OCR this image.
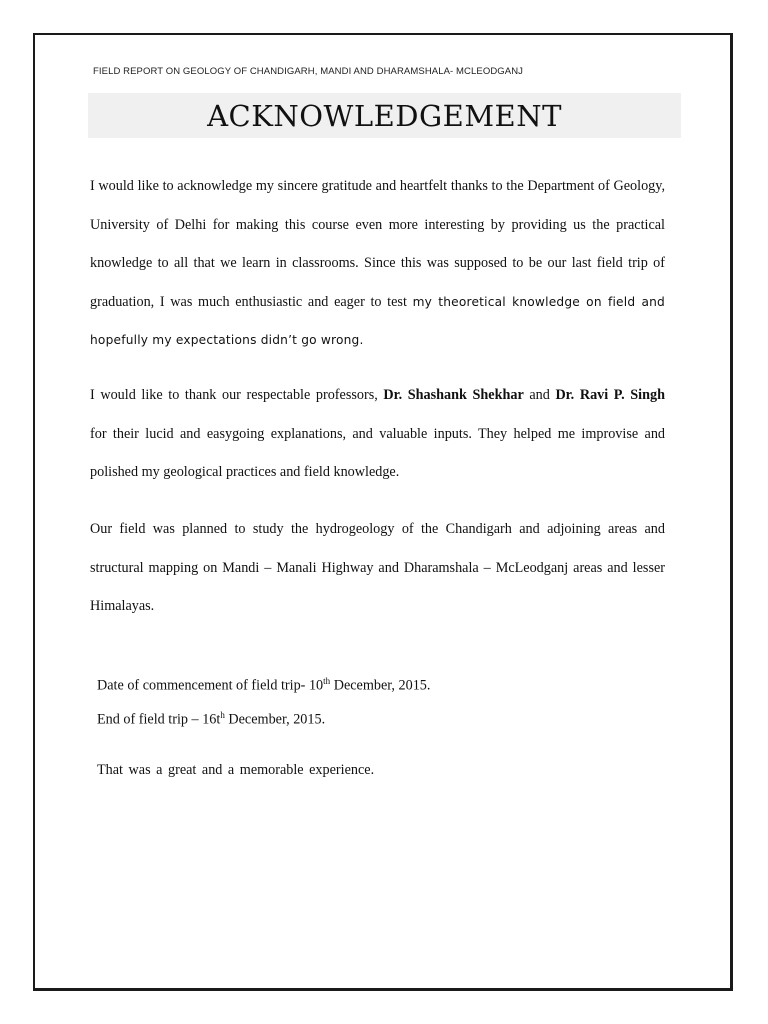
FIELD REPORT ON GEOLOGY OF CHANDIGARH, MANDI AND DHARAMSHALA- MCLEODGANJ
ACKNOWLEDGEMENT

I would like to acknowledge my sincere gratitude and heartfelt thanks to the Department of Geology, University of Delhi for making this course even more interesting by providing us the practical knowledge to all that we learn in classrooms. Since this was supposed to be our last field trip of graduation, I was much enthusiastic and eager to test my theoretical knowledge on field and hopefully my expectations didn’t go wrong.

I would like to thank our respectable professors, Dr. Shashank Shekhar and Dr. Ravi P. Singh    for their lucid and easygoing explanations, and valuable inputs. They helped me improvise and polished my geological practices and field knowledge.

Our field was planned to study the hydrogeology of the Chandigarh and adjoining areas and structural mapping on Mandi – Manali Highway and Dharamshala – McLeodganj areas and lesser Himalayas.

Date of commencement of field trip- 10th December, 2015.
End of field trip – $16t^h$ December, 2015.
That was a great and a memorable experience.
